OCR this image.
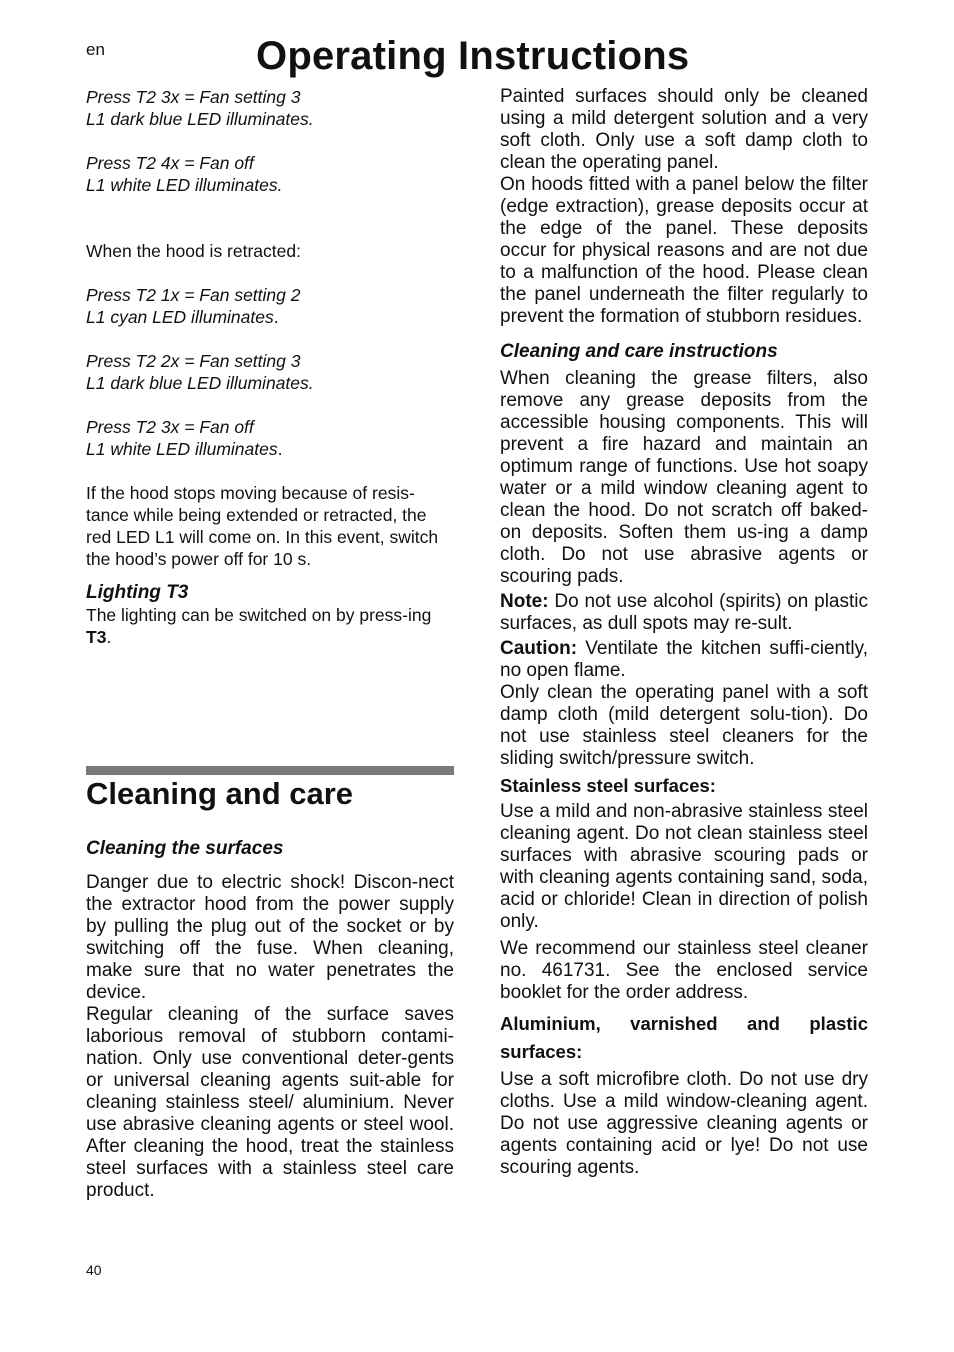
en	Operating Instructions

Press T2 3x = Fan setting 3

L1 dark blue LED illuminates.

Press T2 4x = Fan off

L1 white LED illuminates.

When the hood is retracted:

Press T2 1x = Fan setting 2

L1 cyan LED illuminates.

Press T2 2x = Fan setting 3

L1 dark blue LED illuminates.

Press T2 3x = Fan off

L1 white LED illuminates.

If the hood stops moving because of resis-tance while being extended or retracted, the red LED L1 will come on. In this event, switch the hood’s power off for 10 s.

Lighting T3

The lighting can be switched on by press-ing T3.

Cleaning and care

Cleaning the surfaces

Danger due to electric shock! Discon-nect the extractor hood from the power supply by pulling the plug out of the socket or by switching off the fuse. When cleaning, make sure that no water penetrates the device.

Regular cleaning of the surface saves laborious removal of stubborn contami-nation. Only use conventional deter-gents or universal cleaning agents suit-able for cleaning stainless steel/ aluminium. Never use abrasive cleaning agents or steel wool. After cleaning the hood, treat the stainless steel surfaces with a stainless steel care product.

Painted surfaces should only be cleaned using a mild detergent solution and a very soft cloth. Only use a soft damp cloth to clean the operating panel.

On hoods fitted with a panel below the filter (edge extraction), grease deposits occur at the edge of the panel. These deposits occur for physical reasons and are not due to a malfunction of the hood. Please clean the panel underneath the filter regularly to prevent the formation of stubborn residues.

Cleaning and care instructions

When cleaning the grease filters, also remove any grease deposits from the accessible housing components. This will prevent a fire hazard and maintain an optimum range of functions. Use hot soapy water or a mild window cleaning agent to clean the hood. Do not scratch off baked-on deposits. Soften them us-ing a damp cloth. Do not use abrasive agents or scouring pads.

Note: Do not use alcohol (spirits) on plastic surfaces, as dull spots may re-sult.

Caution: Ventilate the kitchen suffi-ciently, no open flame.

Only clean the operating panel with a soft damp cloth (mild detergent solu-tion). Do not use stainless steel cleaners for the sliding switch/pressure switch.

Stainless steel surfaces:

Use a mild and non-abrasive stainless steel cleaning agent. Do not clean stainless steel surfaces with abrasive scouring pads or with cleaning agents containing sand, soda, acid or chloride! Clean in direction of polish only.

We recommend our stainless steel cleaner no. 461731. See the enclosed service booklet for the order address.

Aluminium, varnished and plastic surfaces:

Use a soft microfibre cloth. Do not use dry cloths. Use a mild window-cleaning agent. Do not use aggressive cleaning agents or agents containing acid or lye! Do not use scouring agents.

40
